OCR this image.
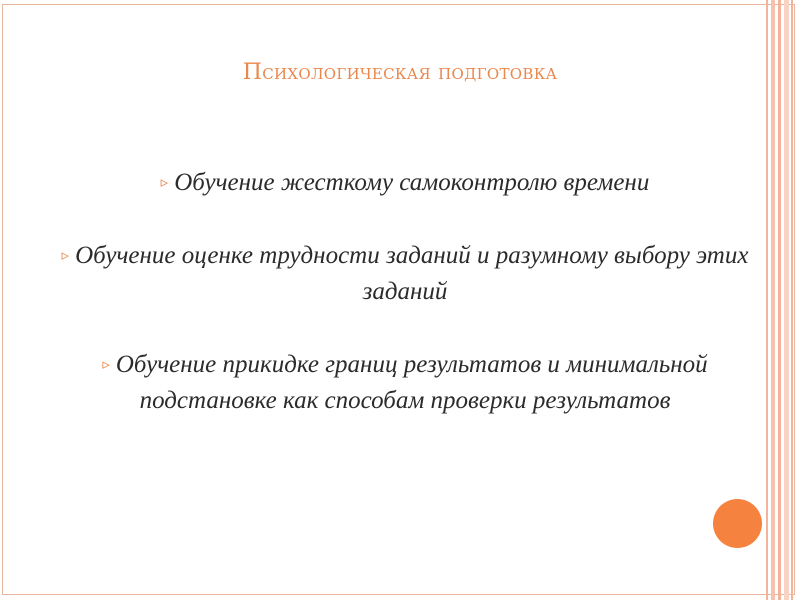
Психологическая подготовка

▹ Обучение жесткому самоконтролю времени

▹ Обучение оценке трудности заданий и разумному выбору этих заданий

▹ Обучение прикидке границ результатов и минимальной подстановке как способам проверки результатов
